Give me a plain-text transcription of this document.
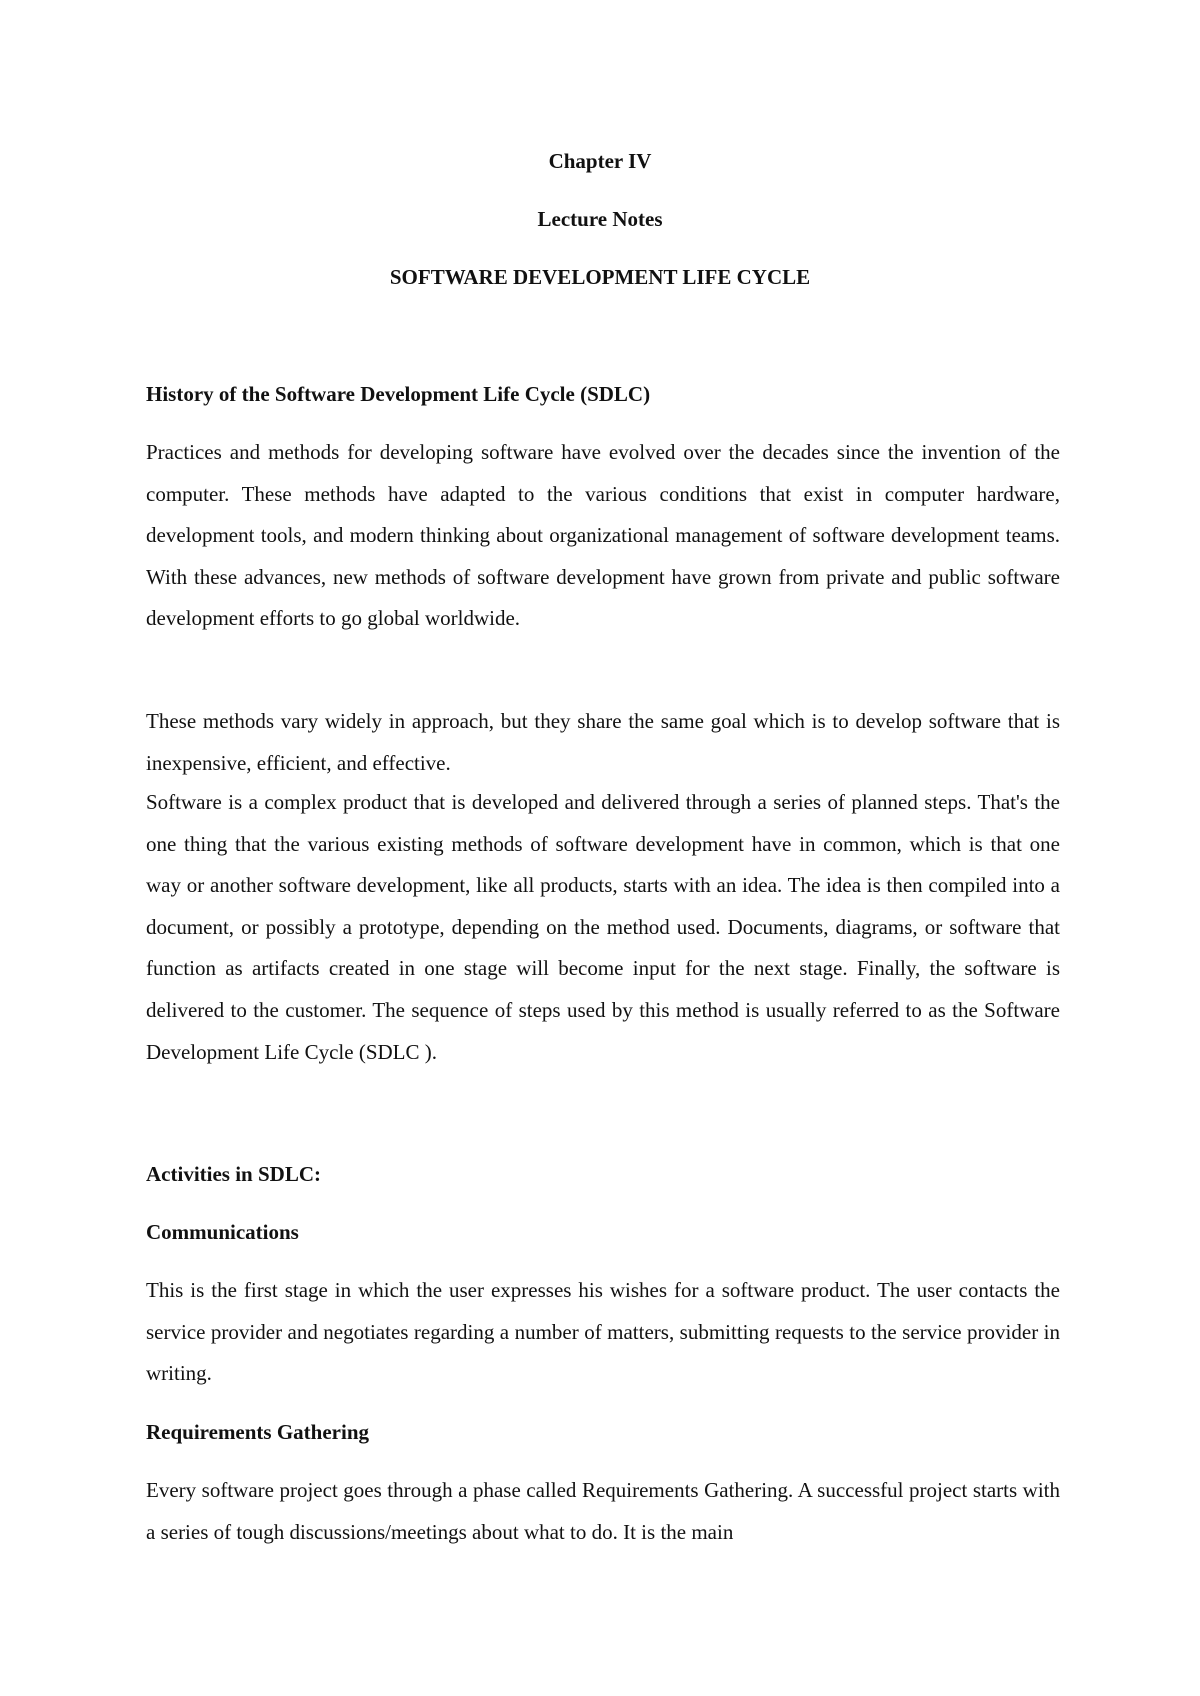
Chapter IV
Lecture Notes
SOFTWARE DEVELOPMENT LIFE CYCLE
History of the Software Development Life Cycle (SDLC)

Practices and methods for developing software have evolved over the decades since the invention of the computer. These methods have adapted to the various conditions that exist in computer hardware, development tools, and modern thinking about organizational management of software development teams. With these advances, new methods of software development have grown from private and public software development efforts to go global worldwide.

These methods vary widely in approach, but they share the same goal which is to develop software that is inexpensive, efficient, and effective.

Software is a complex product that is developed and delivered through a series of planned steps. That's the one thing that the various existing methods of software development have in common, which is that one way or another software development, like all products, starts with an idea. The idea is then compiled into a document, or possibly a prototype, depending on the method used. Documents, diagrams, or software that function as artifacts created in one stage will become input for the next stage. Finally, the software is delivered to the customer. The sequence of steps used by this method is usually referred to as the Software Development Life Cycle (SDLC ).

Activities in SDLC:
Communications

This is the first stage in which the user expresses his wishes for a software product. The user contacts the service provider and negotiates regarding a number of matters, submitting requests to the service provider in writing.

Requirements Gathering

Every software project goes through a phase called Requirements Gathering. A successful project starts with a series of tough discussions/meetings about what to do. It is the main
